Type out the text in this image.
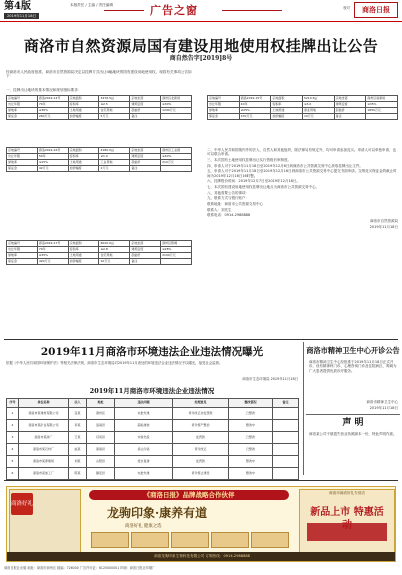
第4版
2019年11月18日
本版责任 / 主编 / 责任编辑	广告之窗	校对	商洛日报
商洛市自然资源局国有建设用地使用权挂牌出让公告
商自然告字[2019]8号
经商洛市人民政府批准，商洛市自然资源局决定以挂牌方式出让4幅地块的国有建设用地使用权，现将有关事项公告如下：
一、挂牌出让地块的基本情况和规划指标要求：
宗地编号	商洛2019-14号	宗地面积	3476.5㎡	宗地坐落	商州区北新街
出让年限	70年	容积率	≤2.5	建筑密度	≤30%
绿地率	≥30%	土地用途	住宅用地	起始价	1290万元
保证金	260万元	加价幅度	5万元	备注	
宗地编号	商洛2019-15号	宗地面积	5210.3㎡	宗地坐落	商州区南新街
出让年限	40年	容积率	≤3.0	建筑密度	≤35%
绿地率	≥25%	土地用途	商业用地	起始价	1850万元
保证金	370万元	加价幅度	10万元	备注	
宗地编号	商洛2019-16号	宗地面积	4180.0㎡	宗地坐落	商州区工业园
出让年限	50年	容积率	≥1.0	建筑密度	≥40%
绿地率	≤15%	土地用途	工业用地	起始价	210万元
保证金	42万元	加价幅度	2万元	备注	
宗地编号	商洛2019-17号	宗地面积	6020.0㎡	宗地坐落	商州区陈塬
出让年限	70年	容积率	≤2.8	建筑密度	≤28%
绿地率	≥35%	土地用途	住宅用地	起始价	2100万元
保证金	420万元	加价幅度	10万元	备注	

二、中华人民共和国境内外的法人、自然人和其他组织，除法律另有规定外，均可申请参加竞买。申请人可以单独申请，也可以联合申请。

三、本次国有土地使用权挂牌出让实行资格后审制度。

四、申请人可于2019年11月18日至2019年12月6日到商洛市公共资源交易中心获取挂牌出让文件。

五、申请人可于2019年11月18日至2019年12月16日到商洛市公共资源交易中心提交书面申请。交纳竞买保证金的截止时间为2019年12月16日16时整。

六、挂牌报价时间：2019年12月7日至2019年12月18日。

七、本次国有建设用地使用权挂牌出让地点为商洛市公共资源交易中心。

八、其他需要公告的事项：

九、联系方式与银行账户：

联系地址：商洛市公共资源交易中心

联系人：刘先生

联系电话：0914-2988888

商洛市自然资源局

2019年11月18日

2019年11月商洛市环境违法企业违法情况曝光
依据《中华人民共和国环境保护法》等相关法律法规，商洛市生态环境局对2019年11月查处的环境违法企业违法情况予以曝光，接受社会监督。
商洛市生态环境局 2019年11月18日
2019年11月商洛市环境违法企业违法情况
序号	单位名称	法人	地址	违法问题	处理意见	整改情况	备注
1	商洛市某建材有限公司	张某	商州区	未批先建	责令改正并处罚款	已整改	
2	商洛市某矿业有限公司	李某	洛南县	超标排放	责令停产整治	整改中	
3	商洛市某砖厂	王某	丹凤县	未验先投	处罚款	已整改	
4	商洛市某石材厂	赵某	商南县	扬尘污染	责令改正	已整改	
5	商洛市某养殖场	刘某	山阳县	废水直排	处罚款	整改中	
6	商洛市某加工厂	陈某	镇安县	未批先建	责令停止建设	整改中	
商洛市精神卫生中心开诊公告
商洛市精神卫生中心经批准于2019年11月18日正式开诊，设有精神科门诊、心理咨询门诊及住院病区，竭诚为广大患者提供优质诊疗服务。
商洛市精神卫生中心
2019年11月18日
声 明
商洛某公司不慎遗失营业执照副本一份，特此声明作废。
商洛好礼
《商洛日报》品牌战略合作伙伴
龙驹印象·康养有道
商洛好礼 健康之选
商洛市商洛好礼专营店
新品上市 特惠活
商洛龙驹印象生物科技有限公司 订购热线：0914-2988888
商洛日报社出版 地址：商洛市商州区 邮编：726000 广告许可证：6125000001 印刷：商洛日报社印刷厂
